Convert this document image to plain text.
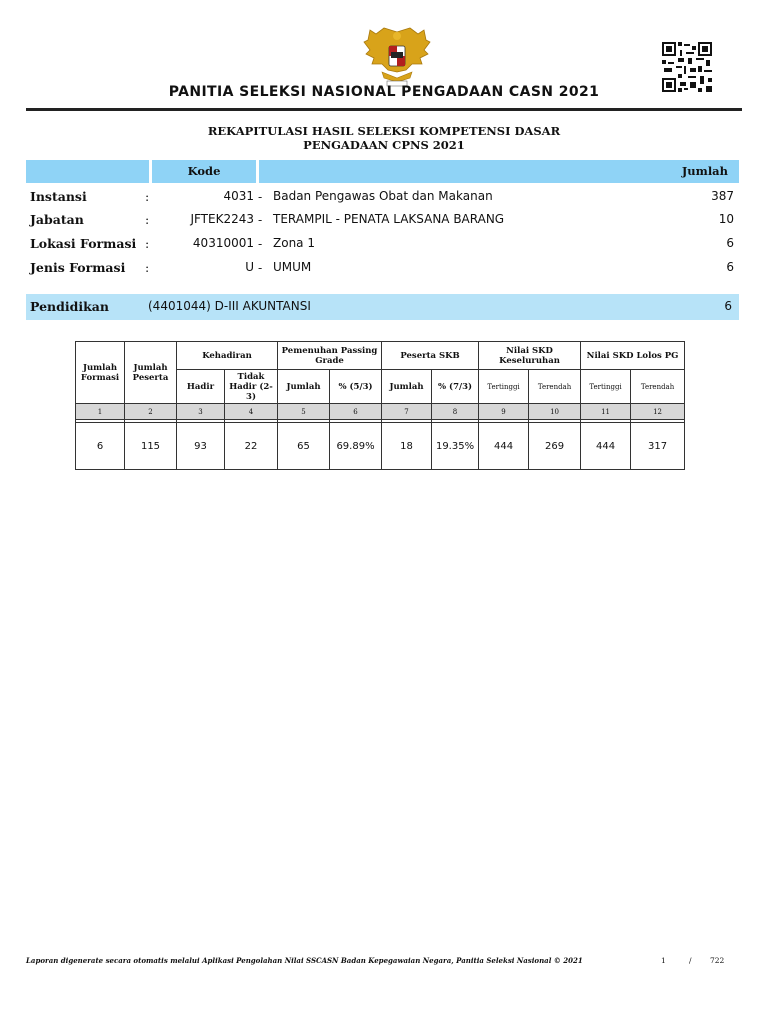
PANITIA SELEKSI NASIONAL PENGADAAN CASN 2021
REKAPITULASI HASIL SELEKSI KOMPETENSI DASAR
PENGADAAN CPNS 2021
Kode	Jumlah
Instansi	:	4031 - Badan Pengawas Obat dan Makanan	387
Jabatan	:	JFTEK2243 - TERAMPIL - PENATA LAKSANA BARANG	10
Lokasi Formasi :	40310001 - Zona 1	6
Jenis Formasi :	U - UMUM	6
Pendidikan	(4401044) D-III AKUNTANSI	6
Jumlah Formasi	Jumlah Peserta	Kehadiran		Pemenuhan Passing Grade		Peserta SKB		Nilai SKD Keseluruhan		Nilai SKD Lolos PG	
		Hadir	Tidak Hadir (2-3)	Jumlah	% (5/3)	Jumlah	% (7/3)	Tertinggi	Terendah	Tertinggi	Terendah
1	2	3	4	5	6	7	8	9	10	11	12

6	115	93	22	65	69.89%	18	19.35%	444	269	444	317
Laporan digenerate secara otomatis melalui Aplikasi Pengolahan Nilai SSCASN Badan Kepegawaian Negara, Panitia Seleksi Nasional © 2021	1	/ 722
